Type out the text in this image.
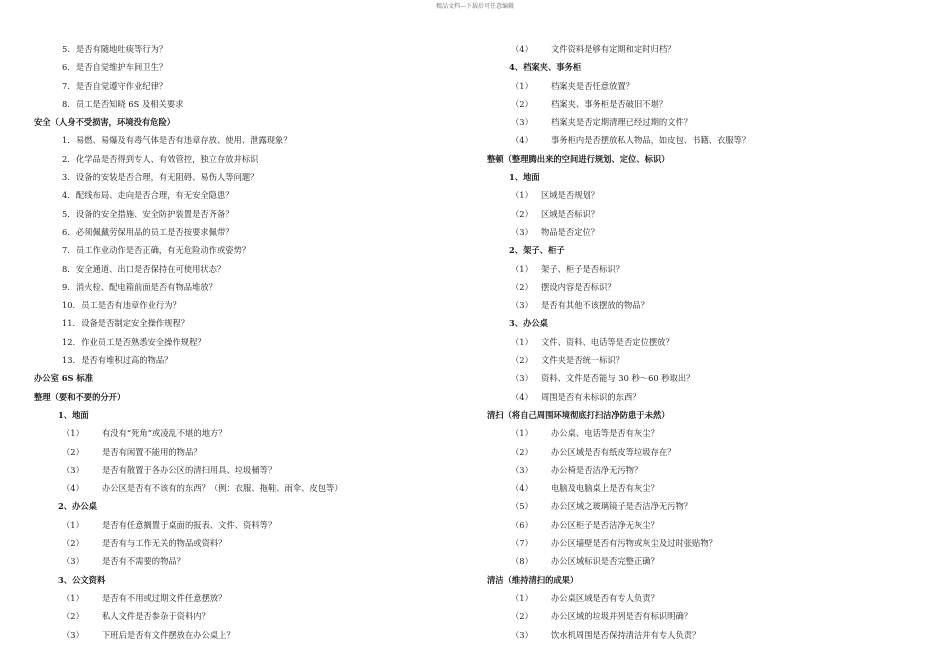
精品文档---下载后可任意编辑
5. 是否有随地吐痰等行为？
6. 是否自觉维护车间卫生？
7. 是否自觉遵守作业纪律？
8. 员工是否知晓 6S 及相关要求
安全（人身不受损害，环境没有危险）
1. 易燃、易爆及有毒气体是否有违章存放、使用、泄露现象？
2. 化学品是否得到专人、有效管控，独立存放并标识
3. 设备的安装是否合理，有无阻碍、易伤人等问题？
4. 配线布局、走向是否合理，有无安全隐患？
5. 设备的安全措施、安全防护装置是否齐备？
6. 必须佩戴劳保用品的员工是否按要求佩带？
7. 员工作业动作是否正确，有无危险动作或姿势？
8. 安全通道、出口是否保持在可使用状态？
9. 消火栓、配电箱前面是否有物品堆放？
10. 员工是否有违章作业行为？
11. 设备是否制定安全操作规程？
12. 作业员工是否熟悉安全操作规程？
13. 是否有堆积过高的物品？
办公室 6S 标准
整理（要和不要的分开）
1、地面
（1） 有没有“死角”或凌乱不堪的地方？
（2） 是否有闲置不能用的物品？
（3） 是否有散置于各办公区的清扫用具、垃圾桶等？
（4） 办公区是否有不该有的东西？（例：衣服、拖鞋、雨伞、皮包等）
2、办公桌
（1） 是否有任意搁置于桌面的报表、文件、资料等？
（2） 是否有与工作无关的物品或资料？
（3） 是否有不需要的物品？
3、公文资料
（1） 是否有不用或过期文件任意摆放？
（2） 私人文件是否参杂于资料内？
（3） 下班后是否有文件摆放在办公桌上？
（4） 文件资料是够有定期和定时归档？
4、档案夹、事务柜
（1） 档案夹是否任意放置？
（2） 档案夹、事务柜是否破旧不堪？
（3） 档案夹是否定期清理已经过期的文件？
（4） 事务柜内是否摆放私人物品，如皮包、书籍、衣服等？
整顿（整理腾出来的空间进行规划、定位、标识）
1、地面
（1） 区域是否规划？
（2） 区域是否标识？
（3） 物品是否定位？
2、架子、柜子
（1） 架子、柜子是否标识？
（2） 摆设内容是否标识？
（3） 是否有其他不该摆放的物品？
3、办公桌
（1） 文件、资料、电话等是否定位摆放？
（2） 文件夹是否统一标识？
（3） 资料、文件是否能与 30 秒～60 秒取出？
（4） 周围是否有未标识的东西？
清扫（将自己周围环境彻底打扫洁净防患于未然）
（1） 办公桌、电话等是否有灰尘？
（2） 办公区域是否有纸皮等垃圾存在？
（3） 办公椅是否洁净无污物？
（4） 电脑及电脑桌上是否有灰尘？
（5） 办公区域之玻璃镜子是否洁净无污物？
（6） 办公区柜子是否洁净无灰尘？
（7） 办公区墙壁是否有污物或灰尘及过时张贴物？
（8） 办公区域标识是否完整正确？
清洁（维持清扫的成果）
（1） 办公桌区域是否有专人负责？
（2） 办公区域的垃圾并列是否有标识明确？
（3） 饮水机周围是否保持清洁并有专人负责？
